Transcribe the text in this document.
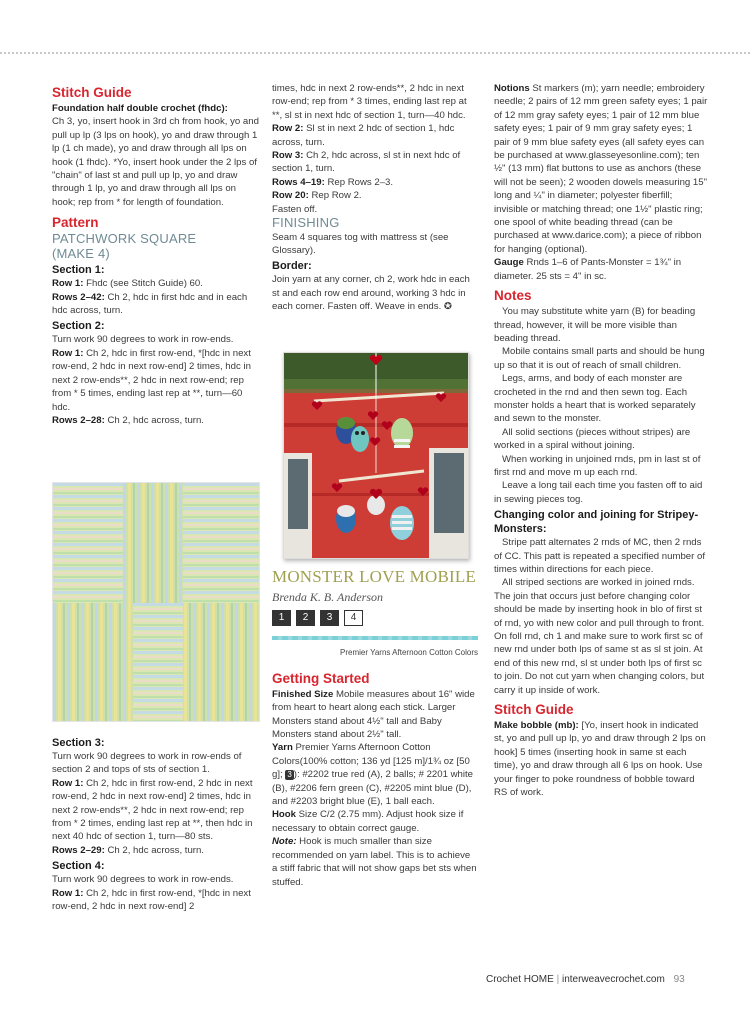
Stitch Guide

Foundation half double crochet (fhdc):
Ch 3, yo, insert hook in 3rd ch from hook, yo and pull up lp (3 lps on hook), yo and draw through 1 lp (1 ch made), yo and draw through all lps on hook (1 fhdc). *Yo, insert hook under the 2 lps of "chain" of last st and pull up lp, yo and draw through 1 lp, yo and draw through all lps on hook; rep from * for length of foundation.

Pattern
PATCHWORK SQUARE (MAKE 4)
Section 1:

Row 1: Fhdc (see Stitch Guide) 60.

Rows 2–42: Ch 2, hdc in first hdc and in each hdc across, turn.

Section 2:

Turn work 90 degrees to work in row-ends.

Row 1: Ch 2, hdc in first row-end, *[hdc in next row-end, 2 hdc in next row-end] 2 times, hdc in next 2 row-ends**, 2 hdc in next row-end; rep from * 5 times, ending last rep at **, turn—60 hdc.

Rows 2–28: Ch 2, hdc across, turn.

Section 3:

Turn work 90 degrees to work in row-ends of section 2 and tops of sts of section 1.

Row 1: Ch 2, hdc in first row-end, 2 hdc in next row-end, 2 hdc in next row-end] 2 times, hdc in next 2 row-ends**, 2 hdc in next row-end; rep from * 2 times, ending last rep at **, then hdc in next 40 hdc of section 1, turn—80 sts.

Rows 2–29: Ch 2, hdc across, turn.

Section 4:

Turn work 90 degrees to work in row-ends.

Row 1: Ch 2, hdc in first row-end, *[hdc in next row-end, 2 hdc in next row-end] 2

times, hdc in next 2 row-ends**, 2 hdc in next row-end; rep from * 3 times, ending last rep at **, sl st in next hdc of section 1, turn—40 hdc.

Row 2: Sl st in next 2 hdc of section 1, hdc across, turn.

Row 3: Ch 2, hdc across, sl st in next hdc of section 1, turn.

Rows 4–19: Rep Rows 2–3.

Row 20: Rep Row 2.

Fasten off.

FINISHING

Seam 4 squares tog with mattress st (see Glossary).

Border:

Join yarn at any corner, ch 2, work hdc in each st and each row end around, working 3 hdc in each corner. Fasten off. Weave in ends. ✪

MONSTER LOVE MOBILE
Brenda K. B. Anderson
1	2	3	4
Premier Yarns Afternoon Cotton Colors
Getting Started

Finished Size Mobile measures about 16" wide from heart to heart along each stick. Larger Monsters stand about 4½" tall and Baby Monsters stand about 2½" tall.

Yarn Premier Yarns Afternoon Cotton Colors(100% cotton; 136 yd [125 m]/1¾ oz [50 g]; 3 ): #2202 true red (A), 2 balls; # 2201 white (B), #2206 fern green (C), #2205 mint blue (D), and #2203 bright blue (E), 1 ball each.

Hook Size C/2 (2.75 mm). Adjust hook size if necessary to obtain correct gauge.

Note: Hook is much smaller than size recommended on yarn label. This is to achieve a stiff fabric that will not show gaps bet sts when stuffed.

Notions St markers (m); yarn needle; embroidery needle; 2 pairs of 12 mm green safety eyes; 1 pair of 12 mm gray safety eyes; 1 pair of 12 mm blue safety eyes; 1 pair of 9 mm gray safety eyes; 1 pair of 9 mm blue safety eyes (all safety eyes can be purchased at www.glasseyesonline.com); ten ½" (13 mm) flat buttons to use as anchors (these will not be seen); 2 wooden dowels measuring 15" long and ¼" in diameter; polyester fiberfill; invisible or matching thread; one 1½" plastic ring; one spool of white beading thread (can be purchased at www.darice.com); a piece of ribbon for hanging (optional).

Gauge Rnds 1–6 of Pants-Monster = 1¾" in diameter. 25 sts = 4" in sc.

Notes

You may substitute white yarn (B) for beading thread, however, it will be more visible than beading thread.

Mobile contains small parts and should be hung up so that it is out of reach of small children.

Legs, arms, and body of each monster are crocheted in the rnd and then sewn tog. Each monster holds a heart that is worked separately and sewn to the monster.

All solid sections (pieces without stripes) are worked in a spiral without joining.

When working in unjoined rnds, pm in last st of first rnd and move m up each rnd.

Leave a long tail each time you fasten off to aid in sewing pieces tog.

Changing color and joining for Stripey-Monsters:

Stripe patt alternates 2 rnds of MC, then 2 rnds of CC. This patt is repeated a specified number of times within directions for each piece.

All striped sections are worked in joined rnds. The join that occurs just before changing color should be made by inserting hook in blo of first st of rnd, yo with new color and pull through to front. On foll rnd, ch 1 and make sure to work first sc of new rnd under both lps of same st as sl st join. At end of this new rnd, sl st under both lps of first sc to join. Do not cut yarn when changing colors, but carry it up inside of work.

Stitch Guide

Make bobble (mb): [Yo, insert hook in indicated st, yo and pull up lp, yo and draw through 2 lps on hook] 5 times (inserting hook in same st each time), yo and draw through all 6 lps on hook. Use your finger to poke roundness of bobble toward RS of work.

Crochet HOME | interweavecrochet.com 93
